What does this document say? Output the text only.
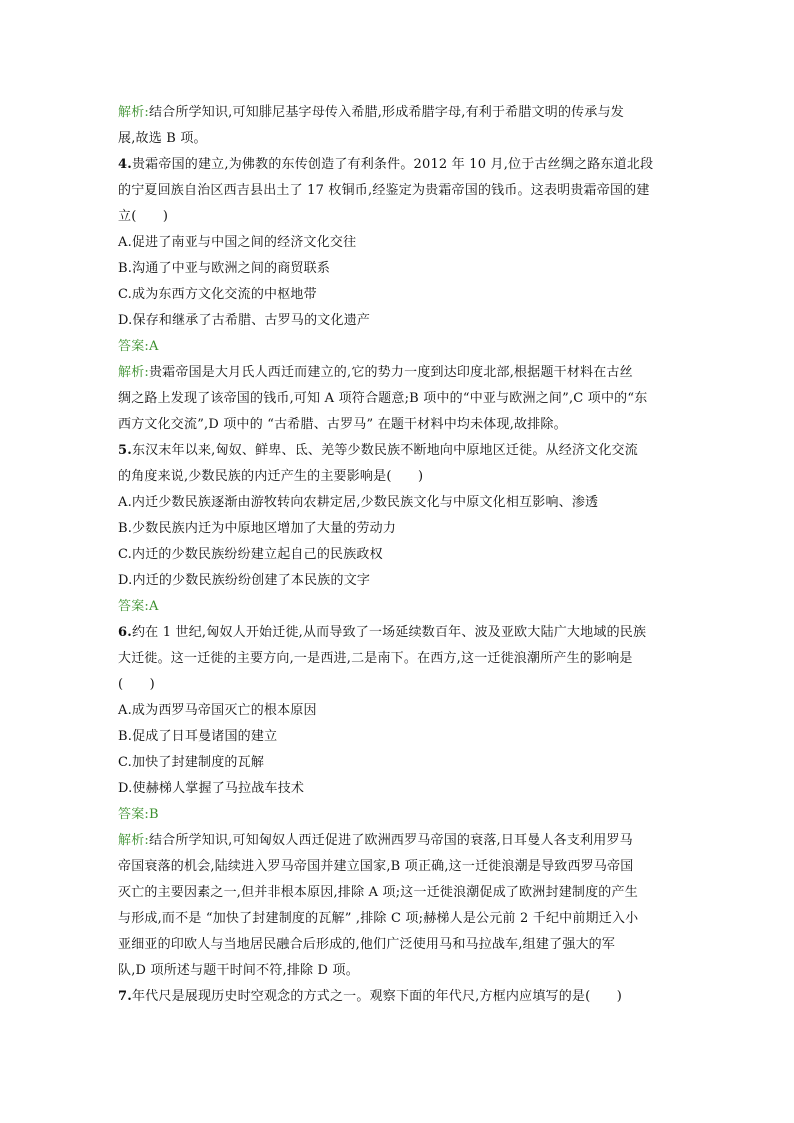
解析:结合所学知识,可知腓尼基字母传入希腊,形成希腊字母,有利于希腊文明的传承与发
展,故选 B 项。
4.贵霜帝国的建立,为佛教的东传创造了有利条件。2012 年 10 月,位于古丝绸之路东道北段
的宁夏回族自治区西吉县出土了 17 枚铜币,经鉴定为贵霜帝国的钱币。这表明贵霜帝国的建
立(　　)
A.促进了南亚与中国之间的经济文化交往
B.沟通了中亚与欧洲之间的商贸联系
C.成为东西方文化交流的中枢地带
D.保存和继承了古希腊、古罗马的文化遗产
答案:A
解析:贵霜帝国是大月氏人西迁而建立的,它的势力一度到达印度北部,根据题干材料在古丝
绸之路上发现了该帝国的钱币,可知 A 项符合题意;B 项中的“中亚与欧洲之间”,C 项中的“东
西方文化交流”,D 项中的 “古希腊、古罗马” 在题干材料中均未体现,故排除。
5.东汉末年以来,匈奴、鲜卑、氐、羌等少数民族不断地向中原地区迁徙。从经济文化交流
的角度来说,少数民族的内迁产生的主要影响是(　　)
A.内迁少数民族逐渐由游牧转向农耕定居,少数民族文化与中原文化相互影响、渗透
B.少数民族内迁为中原地区增加了大量的劳动力
C.内迁的少数民族纷纷建立起自己的民族政权
D.内迁的少数民族纷纷创建了本民族的文字
答案:A
6.约在 1 世纪,匈奴人开始迁徙,从而导致了一场延续数百年、波及亚欧大陆广大地域的民族
大迁徙。这一迁徙的主要方向,一是西进,二是南下。在西方,这一迁徙浪潮所产生的影响是
(　　)
A.成为西罗马帝国灭亡的根本原因
B.促成了日耳曼诸国的建立
C.加快了封建制度的瓦解
D.使赫梯人掌握了马拉战车技术
答案:B
解析:结合所学知识,可知匈奴人西迁促进了欧洲西罗马帝国的衰落,日耳曼人各支利用罗马
帝国衰落的机会,陆续进入罗马帝国并建立国家,B 项正确,这一迁徙浪潮是导致西罗马帝国
灭亡的主要因素之一,但并非根本原因,排除 A 项;这一迁徙浪潮促成了欧洲封建制度的产生
与形成,而不是 “加快了封建制度的瓦解” ,排除 C 项;赫梯人是公元前 2 千纪中前期迁入小
亚细亚的印欧人与当地居民融合后形成的,他们广泛使用马和马拉战车,组建了强大的军
队,D 项所述与题干时间不符,排除 D 项。
7.年代尺是展现历史时空观念的方式之一。观察下面的年代尺,方框内应填写的是(　　)
